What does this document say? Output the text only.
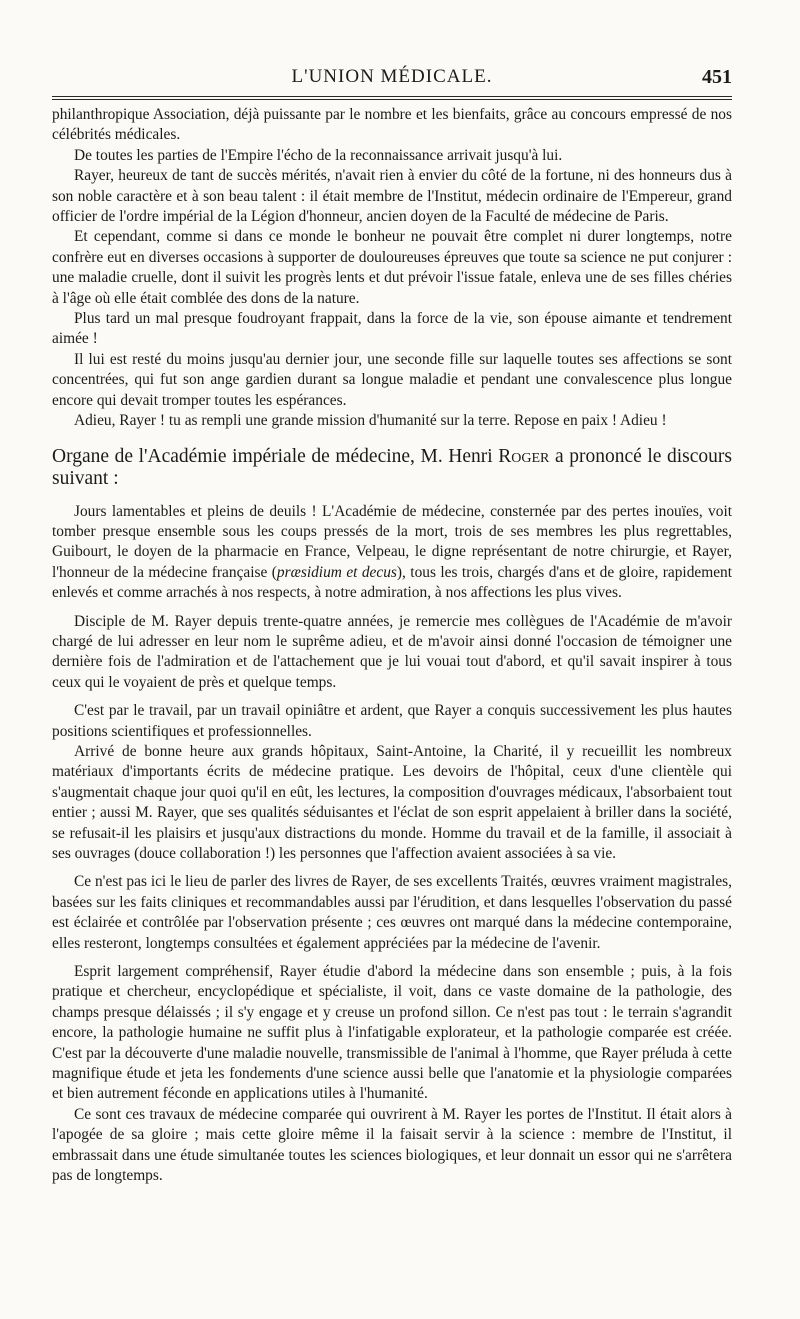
L'UNION MÉDICALE.	451

philanthropique Association, déjà puissante par le nombre et les bienfaits, grâce au concours empressé de nos célébrités médicales.

De toutes les parties de l'Empire l'écho de la reconnaissance arrivait jusqu'à lui.

Rayer, heureux de tant de succès mérités, n'avait rien à envier du côté de la fortune, ni des honneurs dus à son noble caractère et à son beau talent : il était membre de l'Institut, médecin ordinaire de l'Empereur, grand officier de l'ordre impérial de la Légion d'honneur, ancien doyen de la Faculté de médecine de Paris.

Et cependant, comme si dans ce monde le bonheur ne pouvait être complet ni durer longtemps, notre confrère eut en diverses occasions à supporter de douloureuses épreuves que toute sa science ne put conjurer : une maladie cruelle, dont il suivit les progrès lents et dut prévoir l'issue fatale, enleva une de ses filles chéries à l'âge où elle était comblée des dons de la nature.

Plus tard un mal presque foudroyant frappait, dans la force de la vie, son épouse aimante et tendrement aimée !

Il lui est resté du moins jusqu'au dernier jour, une seconde fille sur laquelle toutes ses affections se sont concentrées, qui fut son ange gardien durant sa longue maladie et pendant une convalescence plus longue encore qui devait tromper toutes les espérances.

Adieu, Rayer ! tu as rempli une grande mission d'humanité sur la terre. Repose en paix ! Adieu !

Organe de l'Académie impériale de médecine, M. Henri Roger a prononcé le discours suivant :

Jours lamentables et pleins de deuils ! L'Académie de médecine, consternée par des pertes inouïes, voit tomber presque ensemble sous les coups pressés de la mort, trois de ses membres les plus regrettables, Guibourt, le doyen de la pharmacie en France, Velpeau, le digne représentant de notre chirurgie, et Rayer, l'honneur de la médecine française (præsidium et decus), tous les trois, chargés d'ans et de gloire, rapidement enlevés et comme arrachés à nos respects, à notre admiration, à nos affections les plus vives.

Disciple de M. Rayer depuis trente-quatre années, je remercie mes collègues de l'Académie de m'avoir chargé de lui adresser en leur nom le suprême adieu, et de m'avoir ainsi donné l'occasion de témoigner une dernière fois de l'admiration et de l'attachement que je lui vouai tout d'abord, et qu'il savait inspirer à tous ceux qui le voyaient de près et quelque temps.

C'est par le travail, par un travail opiniâtre et ardent, que Rayer a conquis successivement les plus hautes positions scientifiques et professionnelles.

Arrivé de bonne heure aux grands hôpitaux, Saint-Antoine, la Charité, il y recueillit les nombreux matériaux d'importants écrits de médecine pratique. Les devoirs de l'hôpital, ceux d'une clientèle qui s'augmentait chaque jour quoi qu'il en eût, les lectures, la composition d'ouvrages médicaux, l'absorbaient tout entier ; aussi M. Rayer, que ses qualités séduisantes et l'éclat de son esprit appelaient à briller dans la société, se refusait-il les plaisirs et jusqu'aux distractions du monde. Homme du travail et de la famille, il associait à ses ouvrages (douce collaboration !) les personnes que l'affection avaient associées à sa vie.

Ce n'est pas ici le lieu de parler des livres de Rayer, de ses excellents Traités, œuvres vraiment magistrales, basées sur les faits cliniques et recommandables aussi par l'érudition, et dans lesquelles l'observation du passé est éclairée et contrôlée par l'observation présente ; ces œuvres ont marqué dans la médecine contemporaine, elles resteront, longtemps consultées et également appréciées par la médecine de l'avenir.

Esprit largement compréhensif, Rayer étudie d'abord la médecine dans son ensemble ; puis, à la fois pratique et chercheur, encyclopédique et spécialiste, il voit, dans ce vaste domaine de la pathologie, des champs presque délaissés ; il s'y engage et y creuse un profond sillon. Ce n'est pas tout : le terrain s'agrandit encore, la pathologie humaine ne suffit plus à l'infatigable explorateur, et la pathologie comparée est créée. C'est par la découverte d'une maladie nouvelle, transmissible de l'animal à l'homme, que Rayer préluda à cette magnifique étude et jeta les fondements d'une science aussi belle que l'anatomie et la physiologie comparées et bien autrement féconde en applications utiles à l'humanité.

Ce sont ces travaux de médecine comparée qui ouvrirent à M. Rayer les portes de l'Institut. Il était alors à l'apogée de sa gloire ; mais cette gloire même il la faisait servir à la science : membre de l'Institut, il embrassait dans une étude simultanée toutes les sciences biologiques, et leur donnait un essor qui ne s'arrêtera pas de longtemps.
